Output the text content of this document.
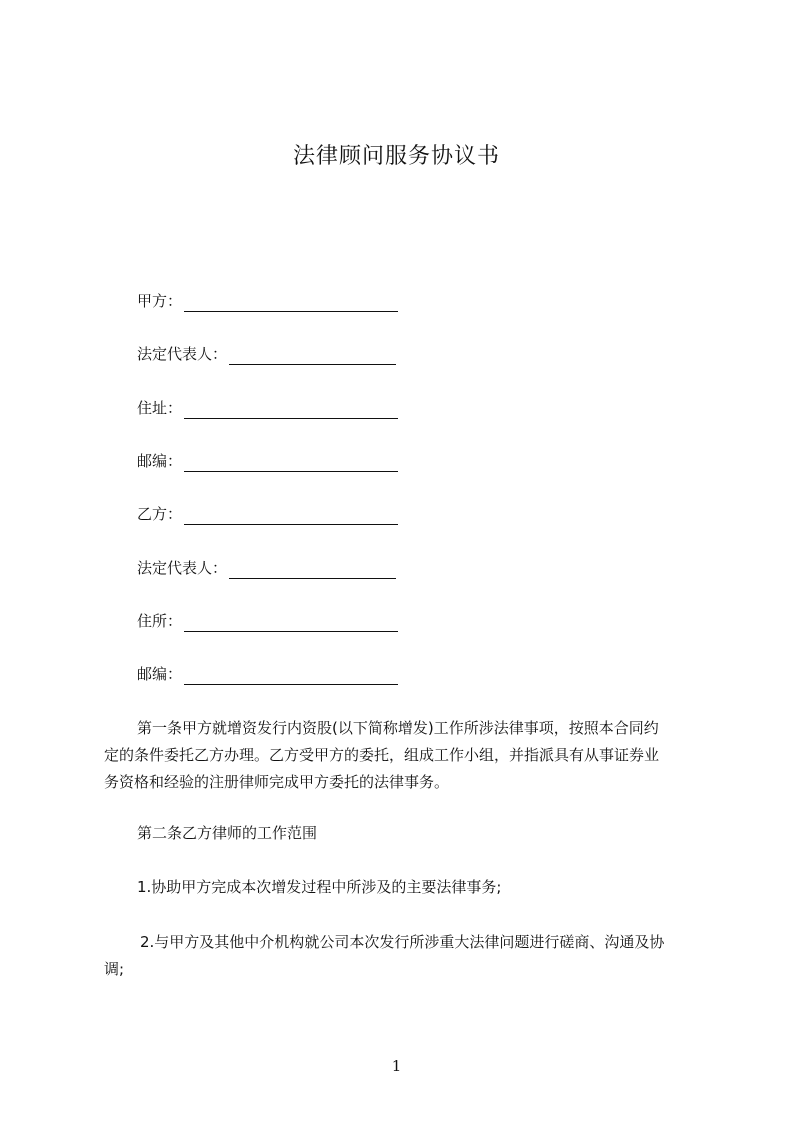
法律顾问服务协议书
甲方：
法定代表人：
住址：
邮编：
乙方：
法定代表人：
住所：
邮编：
第一条甲方就增资发行内资股(以下简称增发)工作所涉法律事项，按照本合同约
定的条件委托乙方办理。乙方受甲方的委托，组成工作小组，并指派具有从事证券业
务资格和经验的注册律师完成甲方委托的法律事务。
第二条乙方律师的工作范围
1.协助甲方完成本次增发过程中所涉及的主要法律事务;
2.与甲方及其他中介机构就公司本次发行所涉重大法律问题进行磋商、沟通及协
调;
1
